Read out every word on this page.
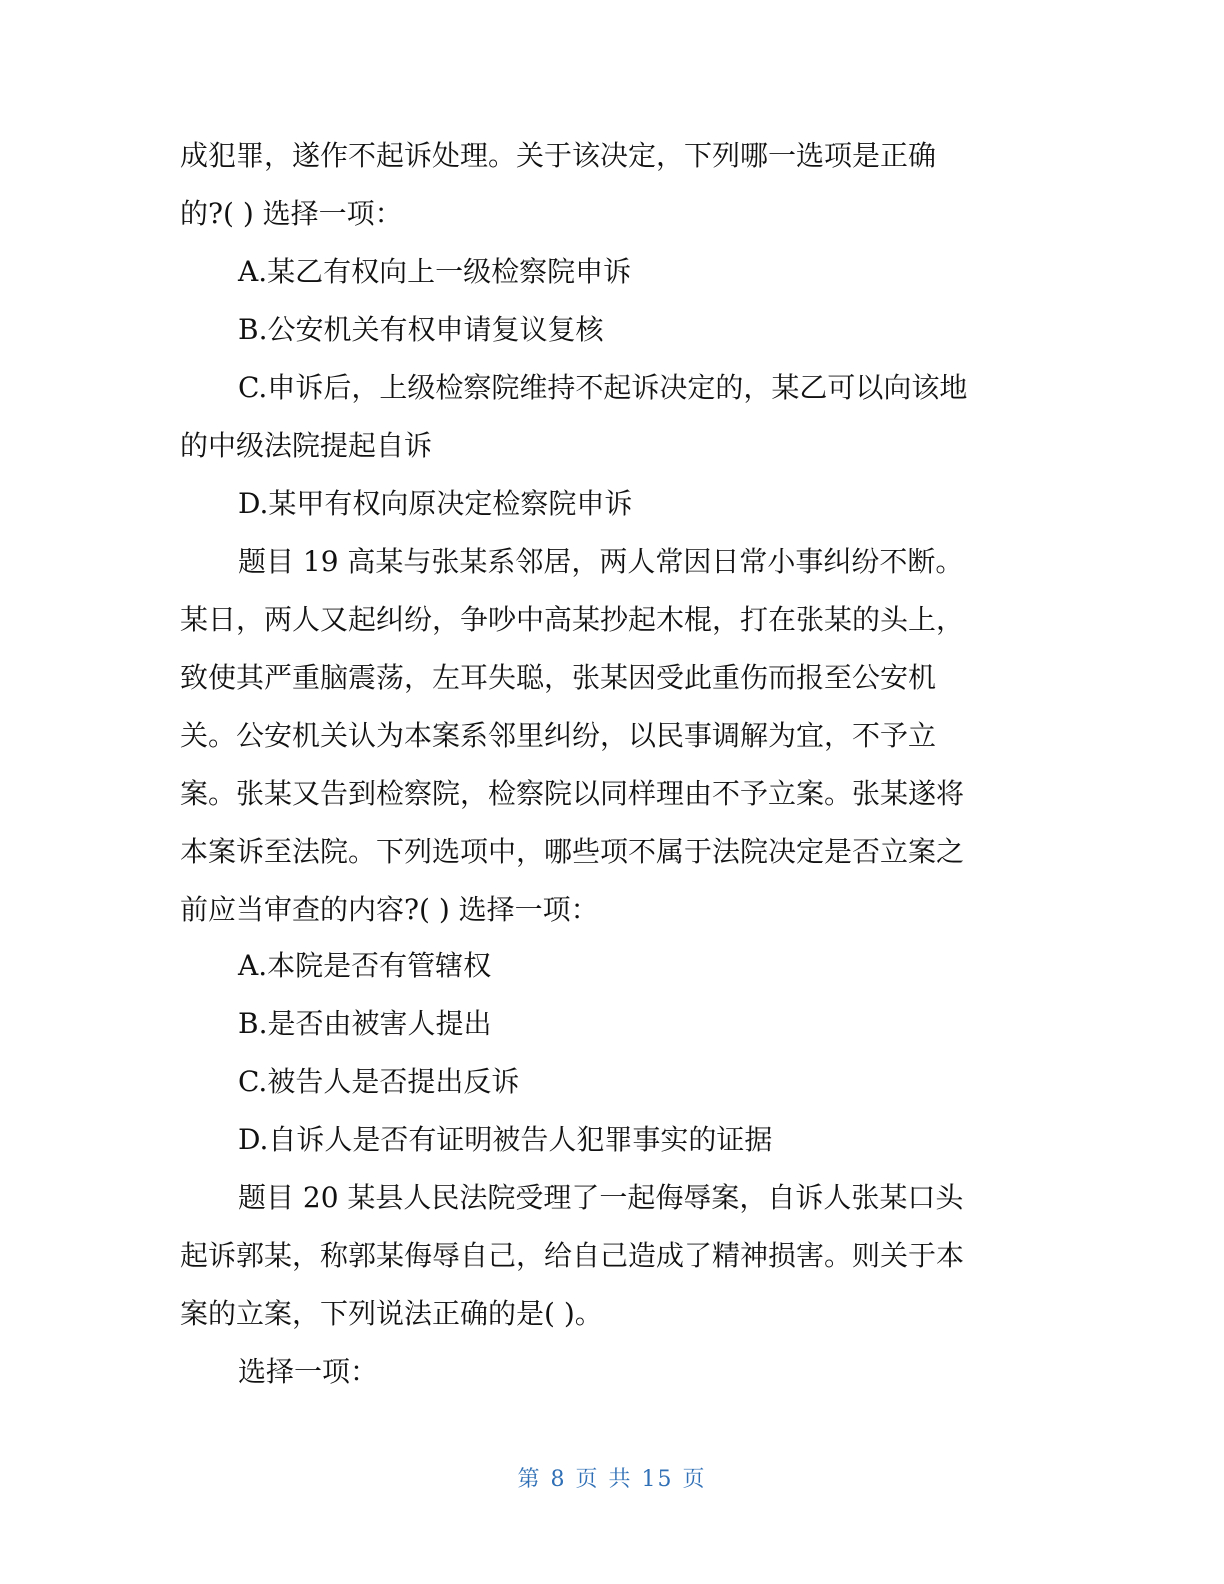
成犯罪，遂作不起诉处理。关于该决定，下列哪一选项是正确
的?( ) 选择一项：
A.某乙有权向上一级检察院申诉
B.公安机关有权申请复议复核
C.申诉后，上级检察院维持不起诉决定的，某乙可以向该地
的中级法院提起自诉
D.某甲有权向原决定检察院申诉
题目 19 高某与张某系邻居，两人常因日常小事纠纷不断。
某日，两人又起纠纷，争吵中高某抄起木棍，打在张某的头上，
致使其严重脑震荡，左耳失聪，张某因受此重伤而报至公安机
关。公安机关认为本案系邻里纠纷，以民事调解为宜，不予立
案。张某又告到检察院，检察院以同样理由不予立案。张某遂将
本案诉至法院。下列选项中，哪些项不属于法院决定是否立案之
前应当审查的内容?( ) 选择一项：
A.本院是否有管辖权
B.是否由被害人提出
C.被告人是否提出反诉
D.自诉人是否有证明被告人犯罪事实的证据
题目 20 某县人民法院受理了一起侮辱案，自诉人张某口头
起诉郭某，称郭某侮辱自己，给自己造成了精神损害。则关于本
案的立案，下列说法正确的是( )。
选择一项：
第 8 页 共 15 页
